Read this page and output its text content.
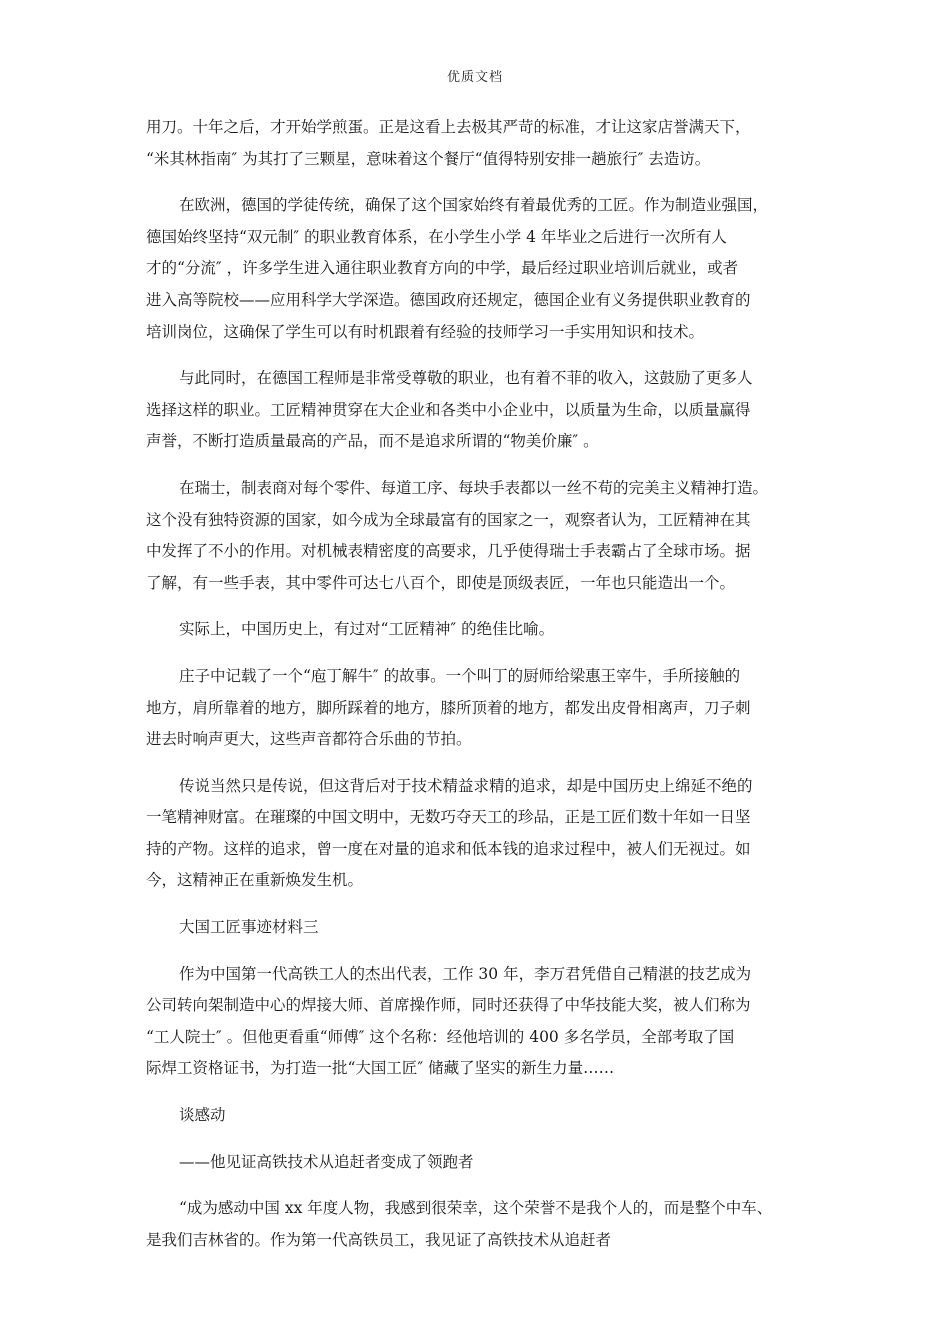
优质文档
用刀。十年之后，才开始学煎蛋。正是这看上去极其严苛的标准，才让这家店誉满天下，
“米其林指南″ 为其打了三颗星，意味着这个餐厅“值得特别安排一趟旅行″ 去造访。
在欧洲，德国的学徒传统，确保了这个国家始终有着最优秀的工匠。作为制造业强国，
德国始终坚持“双元制″ 的职业教育体系，在小学生小学 4 年毕业之后进行一次所有人
才的“分流″ ，许多学生进入通往职业教育方向的中学，最后经过职业培训后就业，或者
进入高等院校——应用科学大学深造。德国政府还规定，德国企业有义务提供职业教育的
培训岗位，这确保了学生可以有时机跟着有经验的技师学习一手实用知识和技术。
与此同时，在德国工程师是非常受尊敬的职业，也有着不菲的收入，这鼓励了更多人
选择这样的职业。工匠精神贯穿在大企业和各类中小企业中，以质量为生命，以质量赢得
声誉，不断打造质量最高的产品，而不是追求所谓的“物美价廉″ 。
在瑞士，制表商对每个零件、每道工序、每块手表都以一丝不苟的完美主义精神打造。
这个没有独特资源的国家，如今成为全球最富有的国家之一，观察者认为，工匠精神在其
中发挥了不小的作用。对机械表精密度的高要求，几乎使得瑞士手表霸占了全球市场。据
了解，有一些手表，其中零件可达七八百个，即使是顶级表匠，一年也只能造出一个。
实际上，中国历史上，有过对“工匠精神″ 的绝佳比喻。
庄子中记载了一个“庖丁解牛″ 的故事。一个叫丁的厨师给梁惠王宰牛，手所接触的
地方，肩所靠着的地方，脚所踩着的地方，膝所顶着的地方，都发出皮骨相离声，刀子刺
进去时响声更大，这些声音都符合乐曲的节拍。
传说当然只是传说，但这背后对于技术精益求精的追求，却是中国历史上绵延不绝的
一笔精神财富。在璀璨的中国文明中，无数巧夺天工的珍品，正是工匠们数十年如一日坚
持的产物。这样的追求，曾一度在对量的追求和低本钱的追求过程中，被人们无视过。如
今，这精神正在重新焕发生机。
大国工匠事迹材料三
作为中国第一代高铁工人的杰出代表，工作 30 年，李万君凭借自己精湛的技艺成为
公司转向架制造中心的焊接大师、首席操作师，同时还获得了中华技能大奖，被人们称为
“工人院士″ 。但他更看重“师傅″ 这个名称：经他培训的 400 多名学员，全部考取了国
际焊工资格证书，为打造一批“大国工匠″ 储藏了坚实的新生力量……
谈感动
——他见证高铁技术从追赶者变成了领跑者
“成为感动中国 xx 年度人物，我感到很荣幸，这个荣誉不是我个人的，而是整个中车、
是我们吉林省的。作为第一代高铁员工，我见证了高铁技术从追赶者
